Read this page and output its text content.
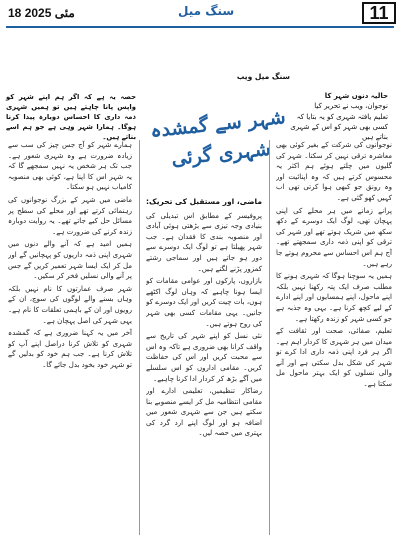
11
سنگ میل
18 مئی 2025
سنگ میل ویب
حالیہ دنوں شہر کا
نوجوان، ویب نے تحریر کیا
تعلیم یافتہ شہری کو یہ بتایا کہ
کسی بھی شہر کو اس کے شہری بناتے ہیں
حصہ یہ ہے کہ اگر ہم اپنے شہر کو واپس پانا چاہتے ہیں تو ہمیں شہری ذمہ داری کا احساس دوبارہ پیدا کرنا ہوگا۔ ہمارا شہر وہی ہے جو ہم اسے بناتے ہیں۔ شہر سے گمشدہ شہری گرئی نوجوانوں کی شرکت کے بغیر کوئی بھی معاشرہ ترقی نہیں کر سکتا۔ شہر کی گلیوں میں چلتے ہوئے ہم اکثر یہ محسوس کرتے ہیں کہ وہ اپنائیت اور وہ رونق جو کبھی ہوا کرتی تھی اب کہیں کھو گئی ہے۔

پرانے زمانے میں ہر محلے کی اپنی پہچان تھی، لوگ ایک دوسرے کے دکھ سکھ میں شریک ہوتے تھے اور شہر کی ترقی کو اپنی ذمہ داری سمجھتے تھے۔ آج ہم اس احساس سے محروم ہوتے جا رہے ہیں۔

ہمیں یہ سوچنا ہوگا کہ شہری ہونے کا مطلب صرف ایک پتہ رکھنا نہیں بلکہ اپنے ماحول، اپنے ہمسایوں اور اپنے ادارے کے لیے کچھ کرنا ہے۔ یہی وہ جذبہ ہے جو کسی شہر کو زندہ رکھتا ہے۔

تعلیم، صفائی، صحت اور ثقافت کے میدان میں ہر شہری کا کردار اہم ہے۔ اگر ہر فرد اپنی ذمہ داری ادا کرے تو شہر کی شکل بدل سکتی ہے اور آنے والی نسلوں کو ایک بہتر ماحول مل سکتا ہے۔

ماضی، اور مستقبل کی تحریک:

پروفیسر کے مطابق اس تبدیلی کی بنیادی وجہ تیزی سے بڑھتی ہوئی آبادی اور منصوبہ بندی کا فقدان ہے۔ جب شہر پھیلتا ہے تو لوگ ایک دوسرے سے دور ہو جاتے ہیں اور سماجی رشتے کمزور پڑنے لگتے ہیں۔

بازاروں، پارکوں اور عوامی مقامات کو ایسا ہونا چاہیے کہ وہاں لوگ اکٹھے ہوں، بات چیت کریں اور ایک دوسرے کو جانیں۔ یہی مقامات کسی بھی شہر کی روح ہوتے ہیں۔

نئی نسل کو اپنے شہر کی تاریخ سے واقف کرانا بھی ضروری ہے تاکہ وہ اس سے محبت کریں اور اس کی حفاظت کریں۔ مقامی اداروں کو اس سلسلے میں آگے بڑھ کر کردار ادا کرنا چاہیے۔

رضاکار تنظیمیں، تعلیمی ادارے اور مقامی انتظامیہ مل کر ایسے منصوبے بنا سکتے ہیں جن سے شہری شعور میں اضافہ ہو اور لوگ اپنے ارد گرد کی بہتری میں حصہ لیں۔

ہمارے شہر کو آج جس چیز کی سب سے زیادہ ضرورت ہے وہ شہری شعور ہے۔ جب تک ہر شخص یہ نہیں سمجھے گا کہ یہ شہر اس کا اپنا ہے، کوئی بھی منصوبہ کامیاب نہیں ہو سکتا۔

ماضی میں شہر کے بزرگ نوجوانوں کی رہنمائی کرتے تھے اور محلے کی سطح پر مسائل حل کیے جاتے تھے۔ یہ روایت دوبارہ زندہ کرنے کی ضرورت ہے۔

ہمیں امید ہے کہ آنے والے دنوں میں شہری اپنی ذمہ داریوں کو پہچانیں گے اور مل کر ایک ایسا شہر تعمیر کریں گے جس پر آنے والی نسلیں فخر کر سکیں۔

شہر صرف عمارتوں کا نام نہیں بلکہ وہاں بسنے والے لوگوں کی سوچ، ان کے رویوں اور ان کے باہمی تعلقات کا نام ہے۔ یہی شہر کی اصل پہچان ہے۔

آخر میں یہ کہنا ضروری ہے کہ گمشدہ شہری کو تلاش کرنا دراصل اپنے آپ کو تلاش کرنا ہے۔ جب ہم خود کو بدلیں گے تو شہر خود بخود بدل جائے گا۔
